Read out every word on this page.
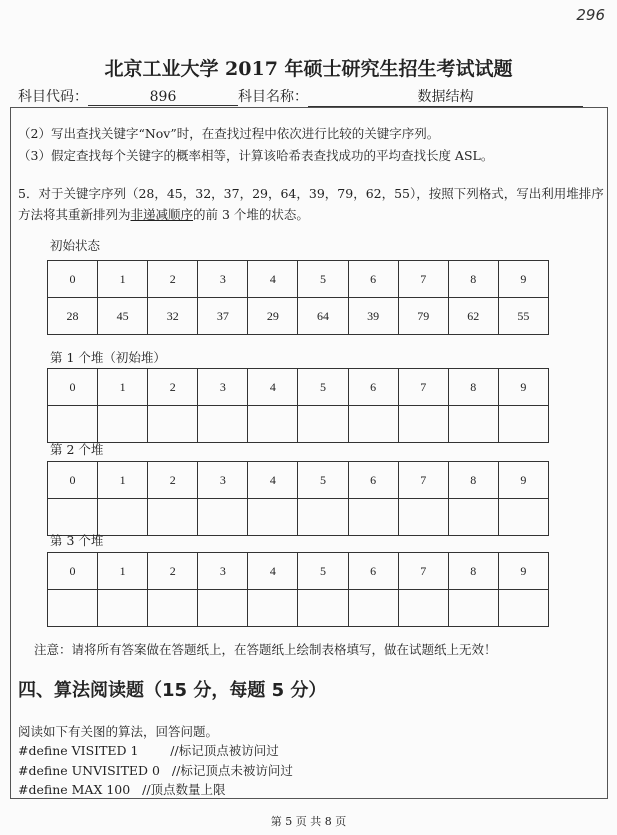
296
北京工业大学 2017 年硕士研究生招生考试试题
科目代码：	896	科目名称：	数据结构
（2）写出查找关键字“Nov”时，在查找过程中依次进行比较的关键字序列。
（3）假定查找每个关键字的概率相等，计算该哈希表查找成功的平均查找长度 ASL。
5．对于关键字序列（28，45，32，37，29，64，39，79，62，55），按照下列格式，写出利用堆排序
方法将其重新排列为非递减顺序的前 3 个堆的状态。
初始状态
0	1	2	3	4	5	6	7	8	9
28	45	32	37	29	64	39	79	62	55
第 1 个堆（初始堆）
0	1	2	3	4	5	6	7	8	9

第 2 个堆
0	1	2	3	4	5	6	7	8	9

第 3 个堆
0	1	2	3	4	5	6	7	8	9

注意：请将所有答案做在答题纸上，在答题纸上绘制表格填写，做在试题纸上无效！
四、算法阅读题（15 分，每题 5 分）
阅读如下有关图的算法，回答问题。
#define VISITED 1        //标记顶点被访问过
#define UNVISITED 0   //标记顶点未被访问过
#define MAX 100   //顶点数量上限
第 5 页 共 8 页
